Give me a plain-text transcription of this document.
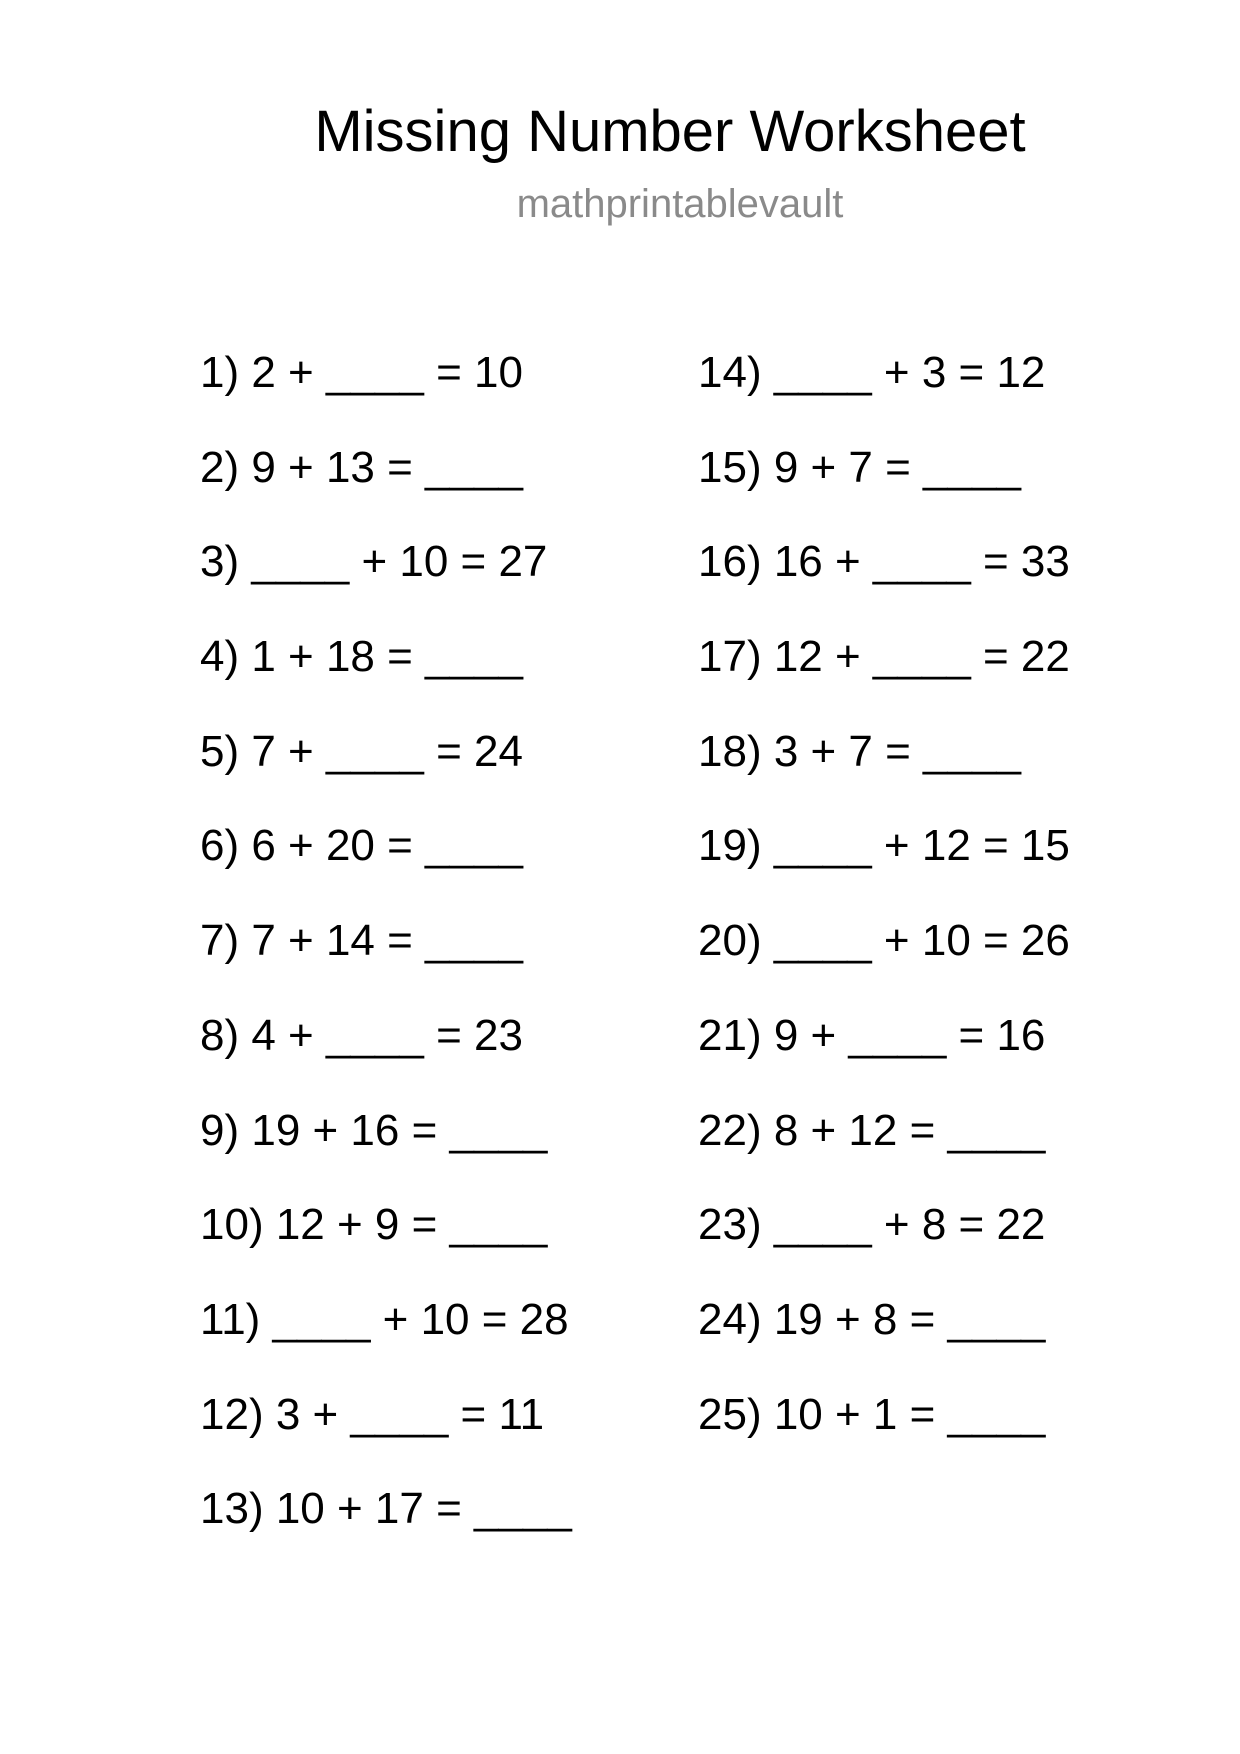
Missing Number Worksheet
mathprintablevault
1) 2 + ____ = 10
2) 9 + 13 = ____
3) ____ + 10 = 27
4) 1 + 18 = ____
5) 7 + ____ = 24
6) 6 + 20 = ____
7) 7 + 14 = ____
8) 4 + ____ = 23
9) 19 + 16 = ____
10) 12 + 9 = ____
11) ____ + 10 = 28
12) 3 + ____ = 11
13) 10 + 17 = ____
14) ____ + 3 = 12
15) 9 + 7 = ____
16) 16 + ____ = 33
17) 12 + ____ = 22
18) 3 + 7 = ____
19) ____ + 12 = 15
20) ____ + 10 = 26
21) 9 + ____ = 16
22) 8 + 12 = ____
23) ____ + 8 = 22
24) 19 + 8 = ____
25) 10 + 1 = ____
